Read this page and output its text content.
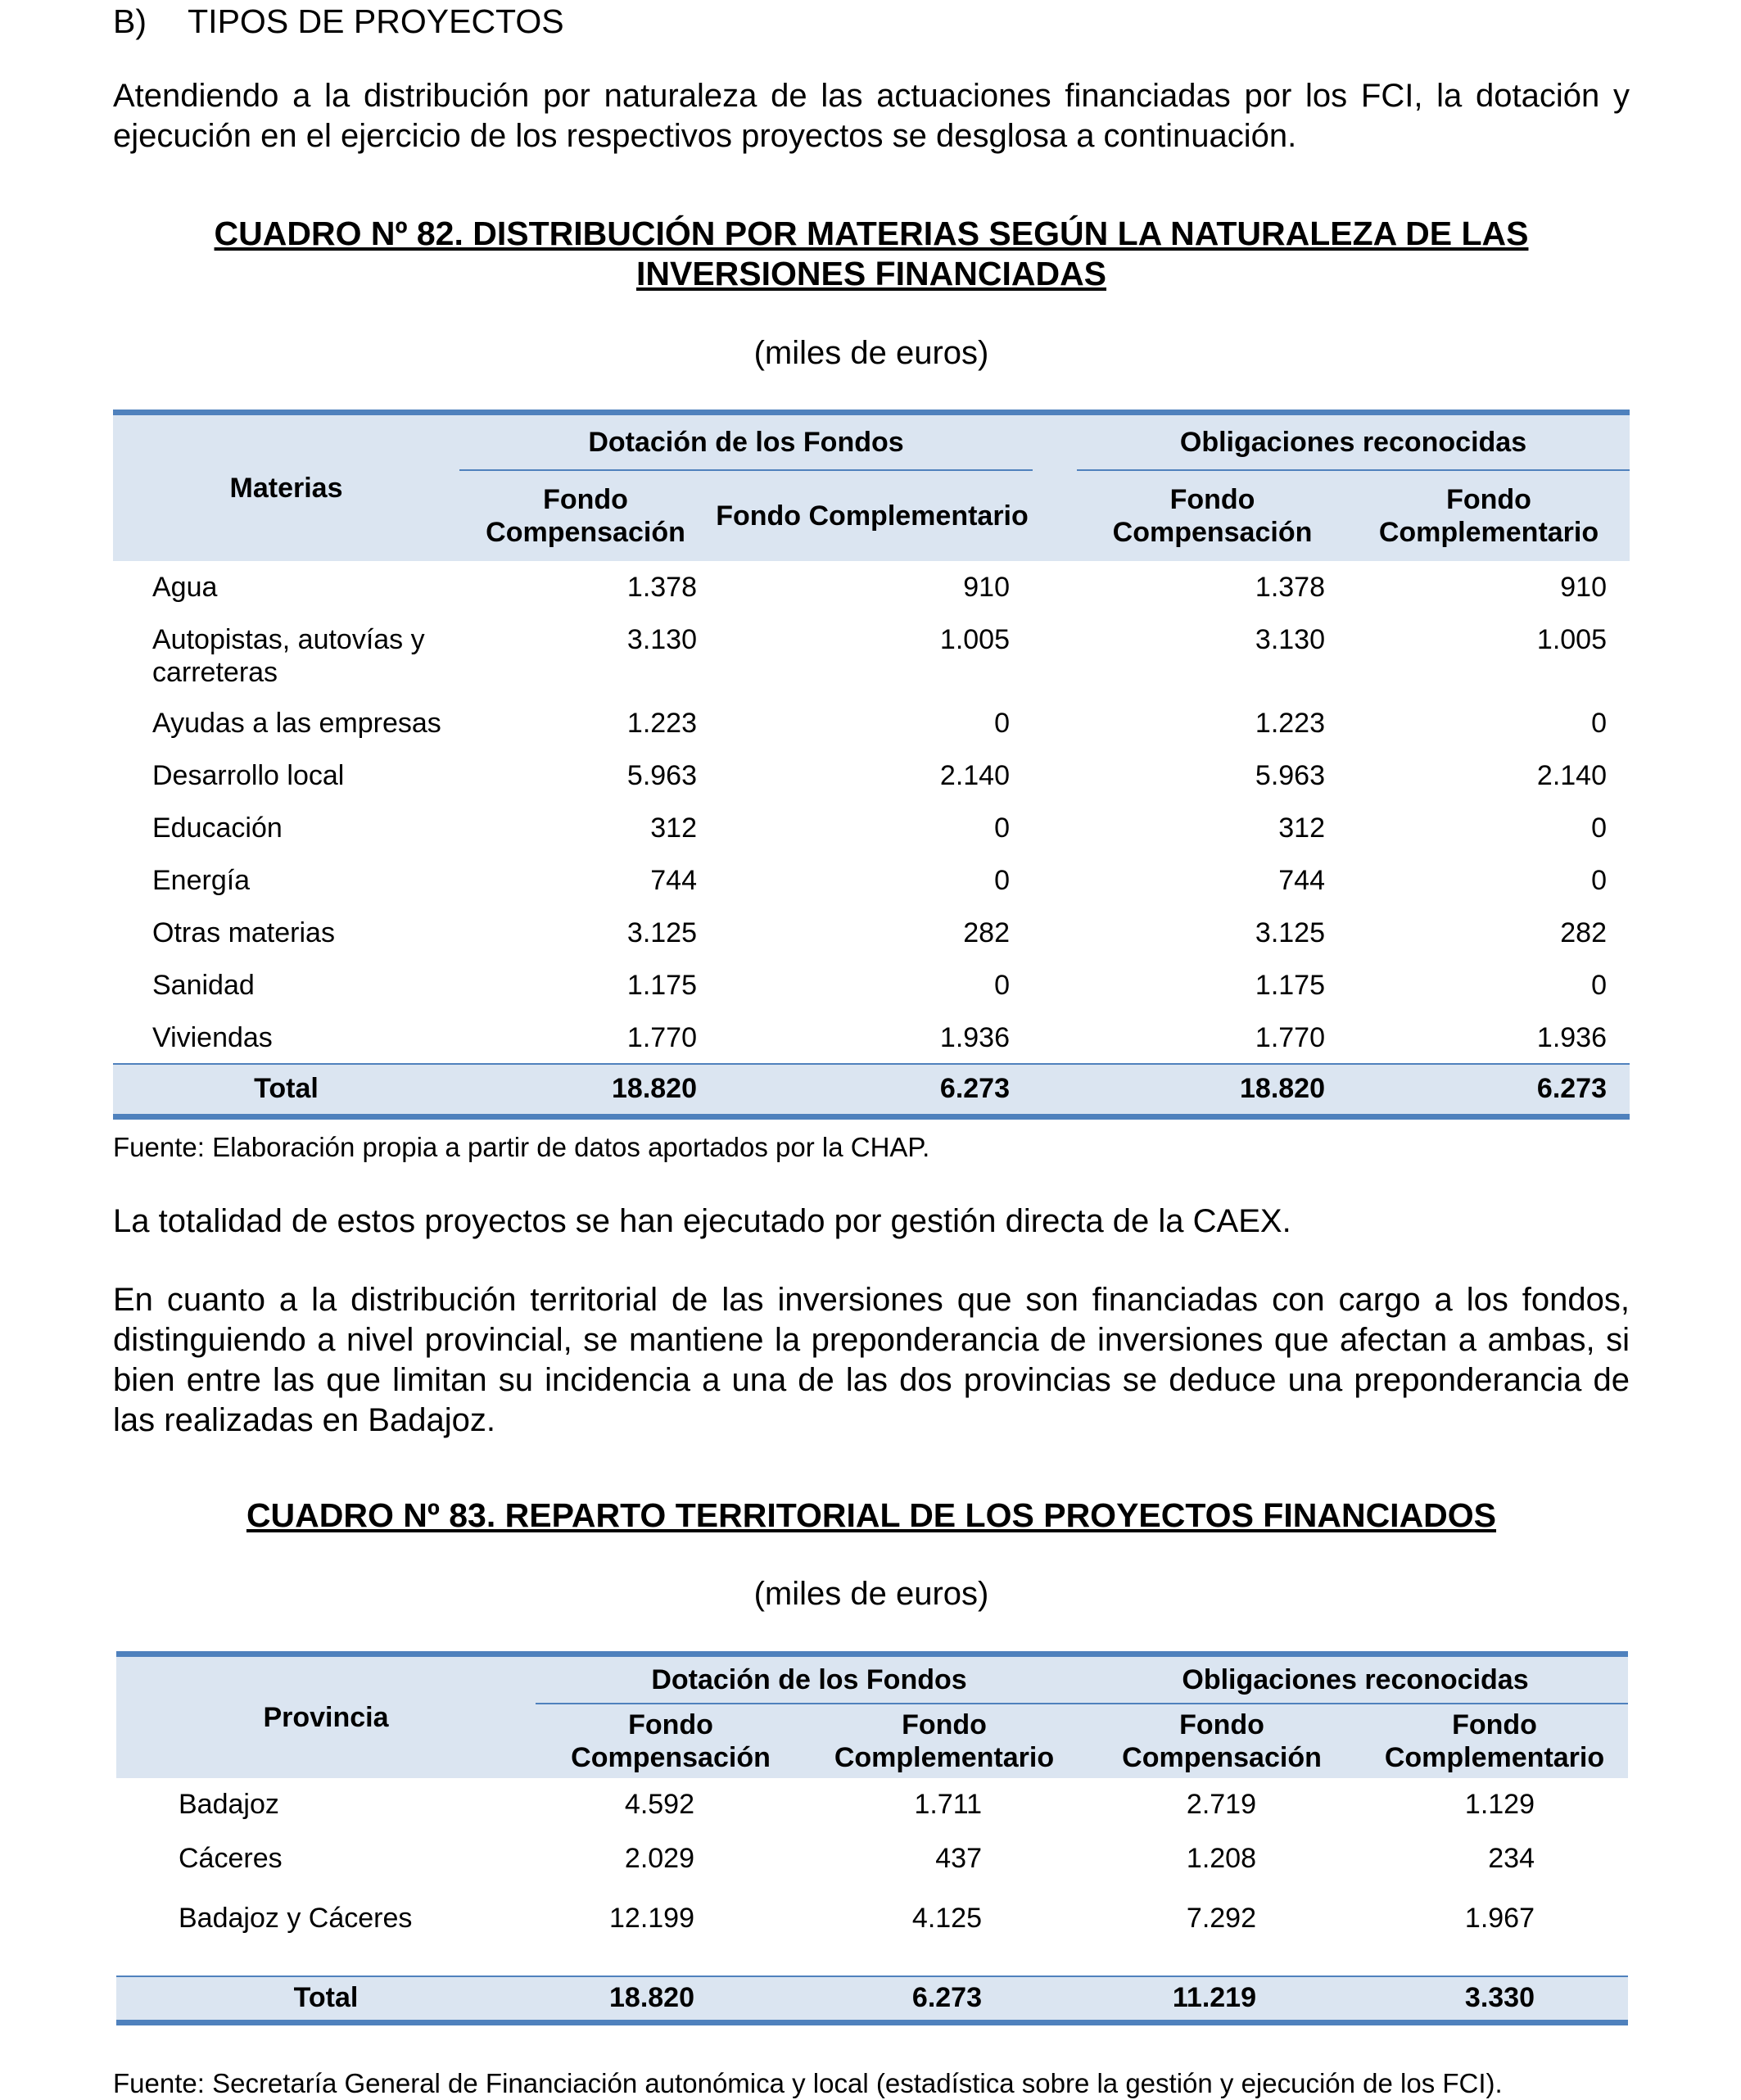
B)	TIPOS DE PROYECTOS
Atendiendo a la distribución por naturaleza de las actuaciones financiadas por los FCI, la dotación y ejecución en el ejercicio de los respectivos proyectos se desglosa a continuación.
CUADRO Nº 82. DISTRIBUCIÓN POR MATERIAS SEGÚN LA NATURALEZA DE LAS
INVERSIONES FINANCIADAS
(miles de euros)
Materias	Dotación de los Fondos			Obligaciones reconocidas	
	Fondo Compensación	Fondo Complementario		Fondo Compensación	Fondo Complementario
Agua	1.378	910		1.378	910
Autopistas, autovías y carreteras	3.130	1.005		3.130	1.005
Ayudas a las empresas	1.223	0		1.223	0
Desarrollo local	5.963	2.140		5.963	2.140
Educación	312	0		312	0
Energía	744	0		744	0
Otras materias	3.125	282		3.125	282
Sanidad	1.175	0		1.175	0
Viviendas	1.770	1.936		1.770	1.936
Total	18.820	6.273		18.820	6.273
Fuente: Elaboración propia a partir de datos aportados por la CHAP.
La totalidad de estos proyectos se han ejecutado por gestión directa de la CAEX.
En cuanto a la distribución territorial de las inversiones que son financiadas con cargo a los fondos, distinguiendo a nivel provincial, se mantiene la preponderancia de inversiones que afectan a ambas, si bien entre las que limitan su incidencia a una de las dos provincias se deduce una preponderancia de las realizadas en Badajoz.
CUADRO Nº 83. REPARTO TERRITORIAL DE LOS PROYECTOS FINANCIADOS
(miles de euros)
Provincia	Dotación de los Fondos		Obligaciones reconocidas	
	Fondo Compensación	Fondo Complementario	Fondo Compensación	Fondo Complementario
Badajoz	4.592	1.711	2.719	1.129
Cáceres	2.029	437	1.208	234
Badajoz y Cáceres	12.199	4.125	7.292	1.967

Total	18.820	6.273	11.219	3.330
Fuente: Secretaría General de Financiación autonómica y local (estadística sobre la gestión y ejecución de los FCI).
